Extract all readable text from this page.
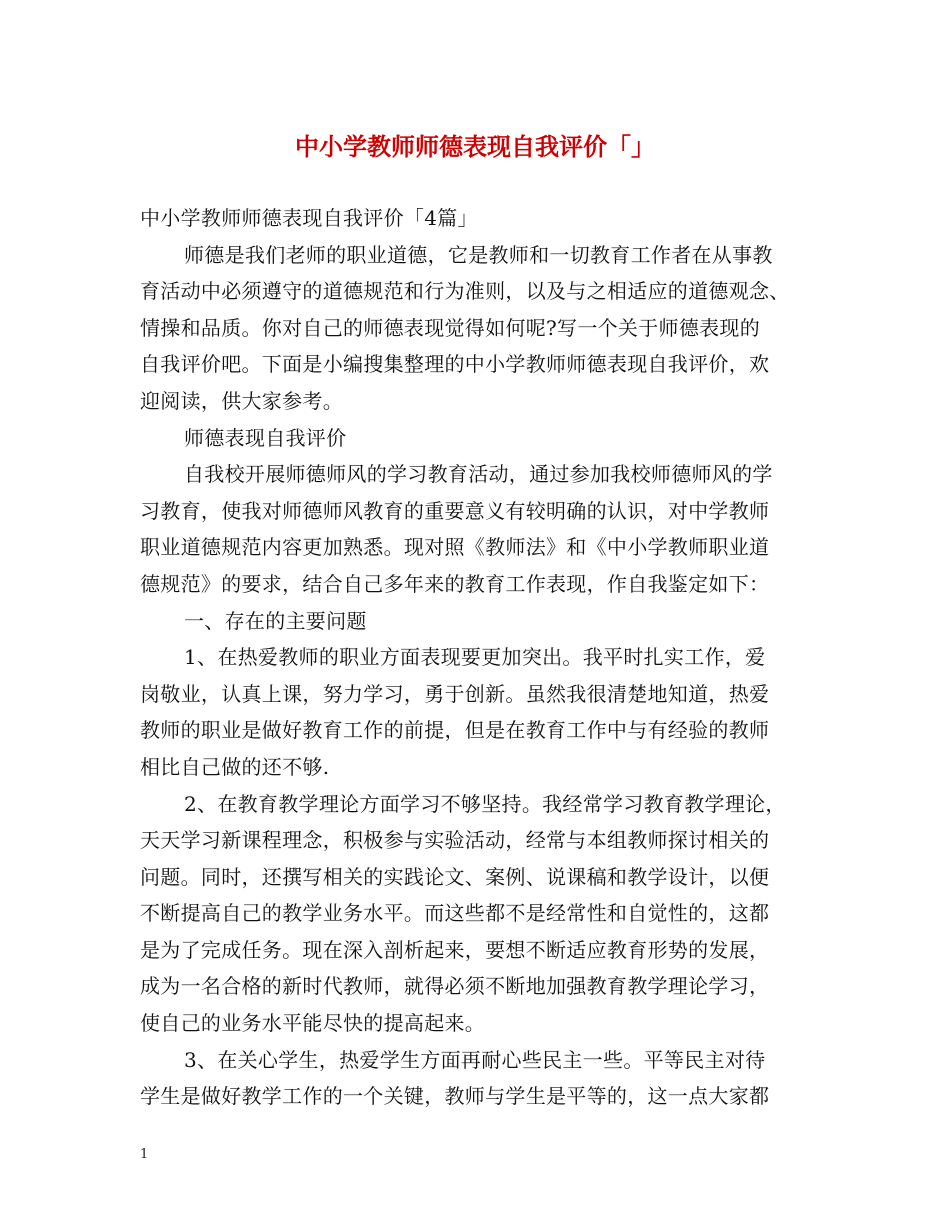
中小学教师师德表现自我评价「」
中小学教师师德表现自我评价「4篇」
师德是我们老师的职业道德，它是教师和一切教育工作者在从事教
育活动中必须遵守的道德规范和行为准则，以及与之相适应的道德观念、
情操和品质。你对自己的师德表现觉得如何呢?写一个关于师德表现的
自我评价吧。下面是小编搜集整理的中小学教师师德表现自我评价，欢
迎阅读，供大家参考。
师德表现自我评价
自我校开展师德师风的学习教育活动，通过参加我校师德师风的学
习教育，使我对师德师风教育的重要意义有较明确的认识，对中学教师
职业道德规范内容更加熟悉。现对照《教师法》和《中小学教师职业道
德规范》的要求，结合自己多年来的教育工作表现，作自我鉴定如下：
一、存在的主要问题
1、在热爱教师的职业方面表现要更加突出。我平时扎实工作，爱
岗敬业，认真上课，努力学习，勇于创新。虽然我很清楚地知道，热爱
教师的职业是做好教育工作的前提，但是在教育工作中与有经验的教师
相比自己做的还不够.
2、在教育教学理论方面学习不够坚持。我经常学习教育教学理论，
天天学习新课程理念，积极参与实验活动，经常与本组教师探讨相关的
问题。同时，还撰写相关的实践论文、案例、说课稿和教学设计，以便
不断提高自己的教学业务水平。而这些都不是经常性和自觉性的，这都
是为了完成任务。现在深入剖析起来，要想不断适应教育形势的发展，
成为一名合格的新时代教师，就得必须不断地加强教育教学理论学习，
使自己的业务水平能尽快的提高起来。
3、在关心学生，热爱学生方面再耐心些民主一些。平等民主对待
学生是做好教学工作的一个关键，教师与学生是平等的，这一点大家都
1
